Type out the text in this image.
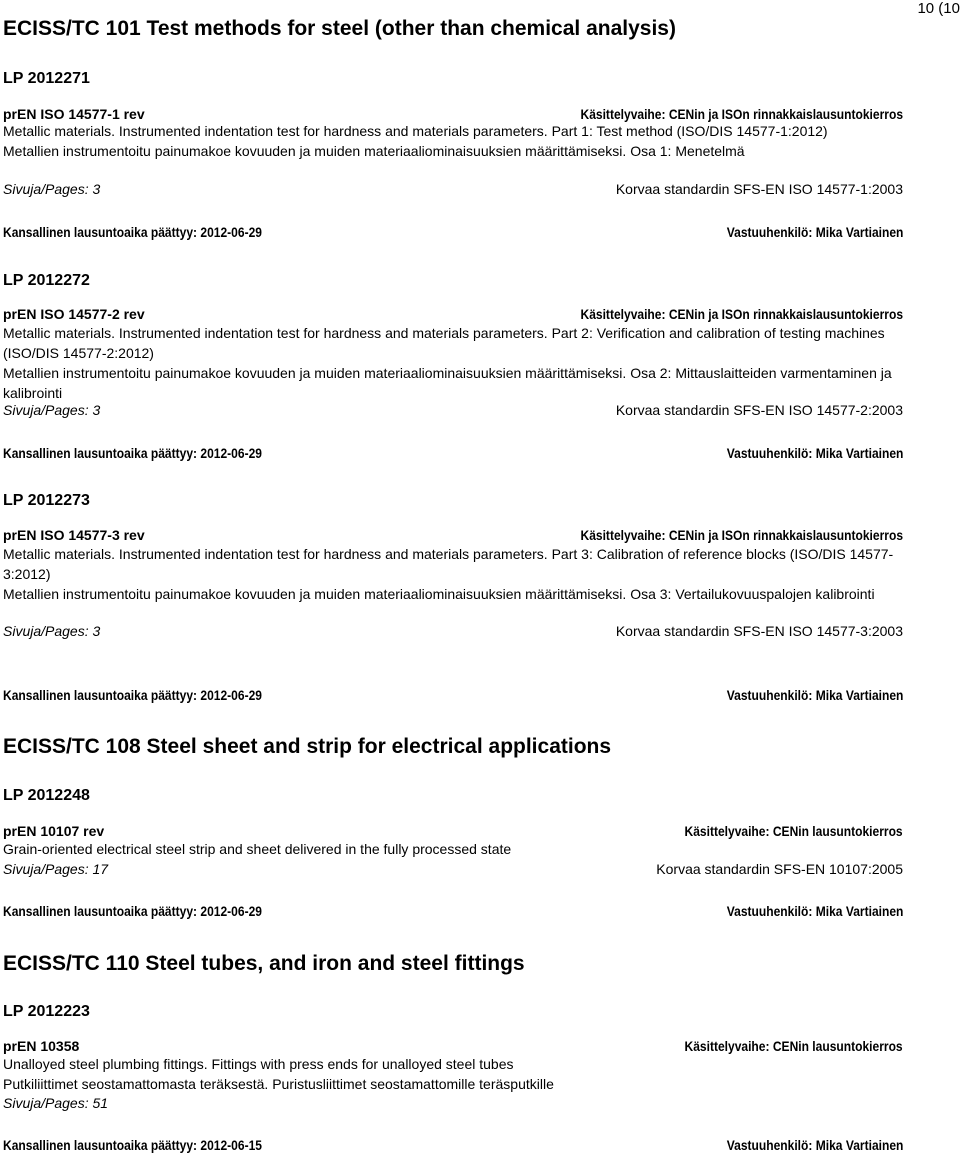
10 (10
ECISS/TC 101 Test methods for steel (other than chemical analysis)
LP 2012271
prEN ISO 14577-1 rev	Käsittelyvaihe: CENin ja ISOn rinnakkaislausuntokierros

Metallic materials. Instrumented indentation test for hardness and materials parameters. Part 1: Test method (ISO/DIS 14577-1:2012)

Metallien instrumentoitu painumakoe kovuuden ja muiden materiaaliominaisuuksien määrittämiseksi. Osa 1: Menetelmä

Sivuja/Pages: 3	Korvaa standardin SFS-EN ISO 14577-1:2003
Kansallinen lausuntoaika päättyy: 2012-06-29	Vastuuhenkilö: Mika Vartiainen
LP 2012272
prEN ISO 14577-2 rev	Käsittelyvaihe: CENin ja ISOn rinnakkaislausuntokierros

Metallic materials. Instrumented indentation test for hardness and materials parameters. Part 2: Verification and calibration of testing machines (ISO/DIS 14577-2:2012)

Metallien instrumentoitu painumakoe kovuuden ja muiden materiaaliominaisuuksien määrittämiseksi. Osa 2: Mittauslaitteiden varmentaminen ja kalibrointi

Sivuja/Pages: 3	Korvaa standardin SFS-EN ISO 14577-2:2003
Kansallinen lausuntoaika päättyy: 2012-06-29	Vastuuhenkilö: Mika Vartiainen
LP 2012273
prEN ISO 14577-3 rev	Käsittelyvaihe: CENin ja ISOn rinnakkaislausuntokierros

Metallic materials. Instrumented indentation test for hardness and materials parameters. Part 3: Calibration of reference blocks (ISO/DIS 14577-3:2012)

Metallien instrumentoitu painumakoe kovuuden ja muiden materiaaliominaisuuksien määrittämiseksi. Osa 3: Vertailukovuuspalojen kalibrointi

Sivuja/Pages: 3	Korvaa standardin SFS-EN ISO 14577-3:2003
Kansallinen lausuntoaika päättyy: 2012-06-29	Vastuuhenkilö: Mika Vartiainen
ECISS/TC 108 Steel sheet and strip for electrical applications
LP 2012248
prEN 10107 rev	Käsittelyvaihe: CENin lausuntokierros

Grain-oriented electrical steel strip and sheet delivered in the fully processed state

Sivuja/Pages: 17	Korvaa standardin SFS-EN 10107:2005
Kansallinen lausuntoaika päättyy: 2012-06-29	Vastuuhenkilö: Mika Vartiainen
ECISS/TC 110 Steel tubes, and iron and steel fittings
LP 2012223
prEN 10358	Käsittelyvaihe: CENin lausuntokierros

Unalloyed steel plumbing fittings. Fittings with press ends for unalloyed steel tubes

Putkiliittimet seostamattomasta teräksestä. Puristusliittimet seostamattomille teräsputkille

Sivuja/Pages: 51
Kansallinen lausuntoaika päättyy: 2012-06-15	Vastuuhenkilö: Mika Vartiainen
